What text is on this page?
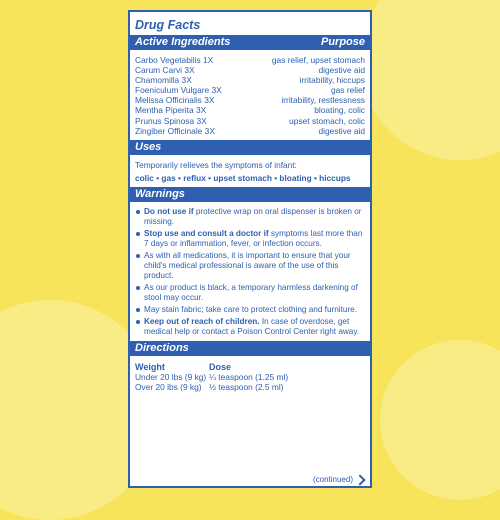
Drug Facts
Active Ingredients	Purpose
Carbo Vegetabilis 1X	gas relief, upset stomach
Carum Carvi 3X	digestive aid
Chamomilla 3X	irritability, hiccups
Foeniculum Vulgare 3X	gas relief
Melissa Officinalis 3X	irritability, restlessness
Mentha Piperita 3X	bloating, colic
Prunus Spinosa 3X	upset stomach, colic
Zingiber Officinale 3X	digestive aid
Uses
Temporarily relieves the symptoms of infant:
colic • gas • reflux • upset stomach • bloating • hiccups
Warnings
Do not use if protective wrap on oral dispenser is broken or missing.
Stop use and consult a doctor if symptoms last more than 7 days or inflammation, fever, or infection occurs.
As with all medications, it is important to ensure that your child's medical professional is aware of the use of this product.
As our product is black, a temporary harmless darkening of stool may occur.
May stain fabric; take care to protect clothing and furniture.
Keep out of reach of children. In case of overdose, get medical help or contact a Poison Control Center right away.
Directions
Weight	Dose
Under 20 lbs (9 kg) ¼ teaspoon (1.25 ml)
Over 20 lbs (9 kg) ½ teaspoon (2.5 ml)
(continued)
